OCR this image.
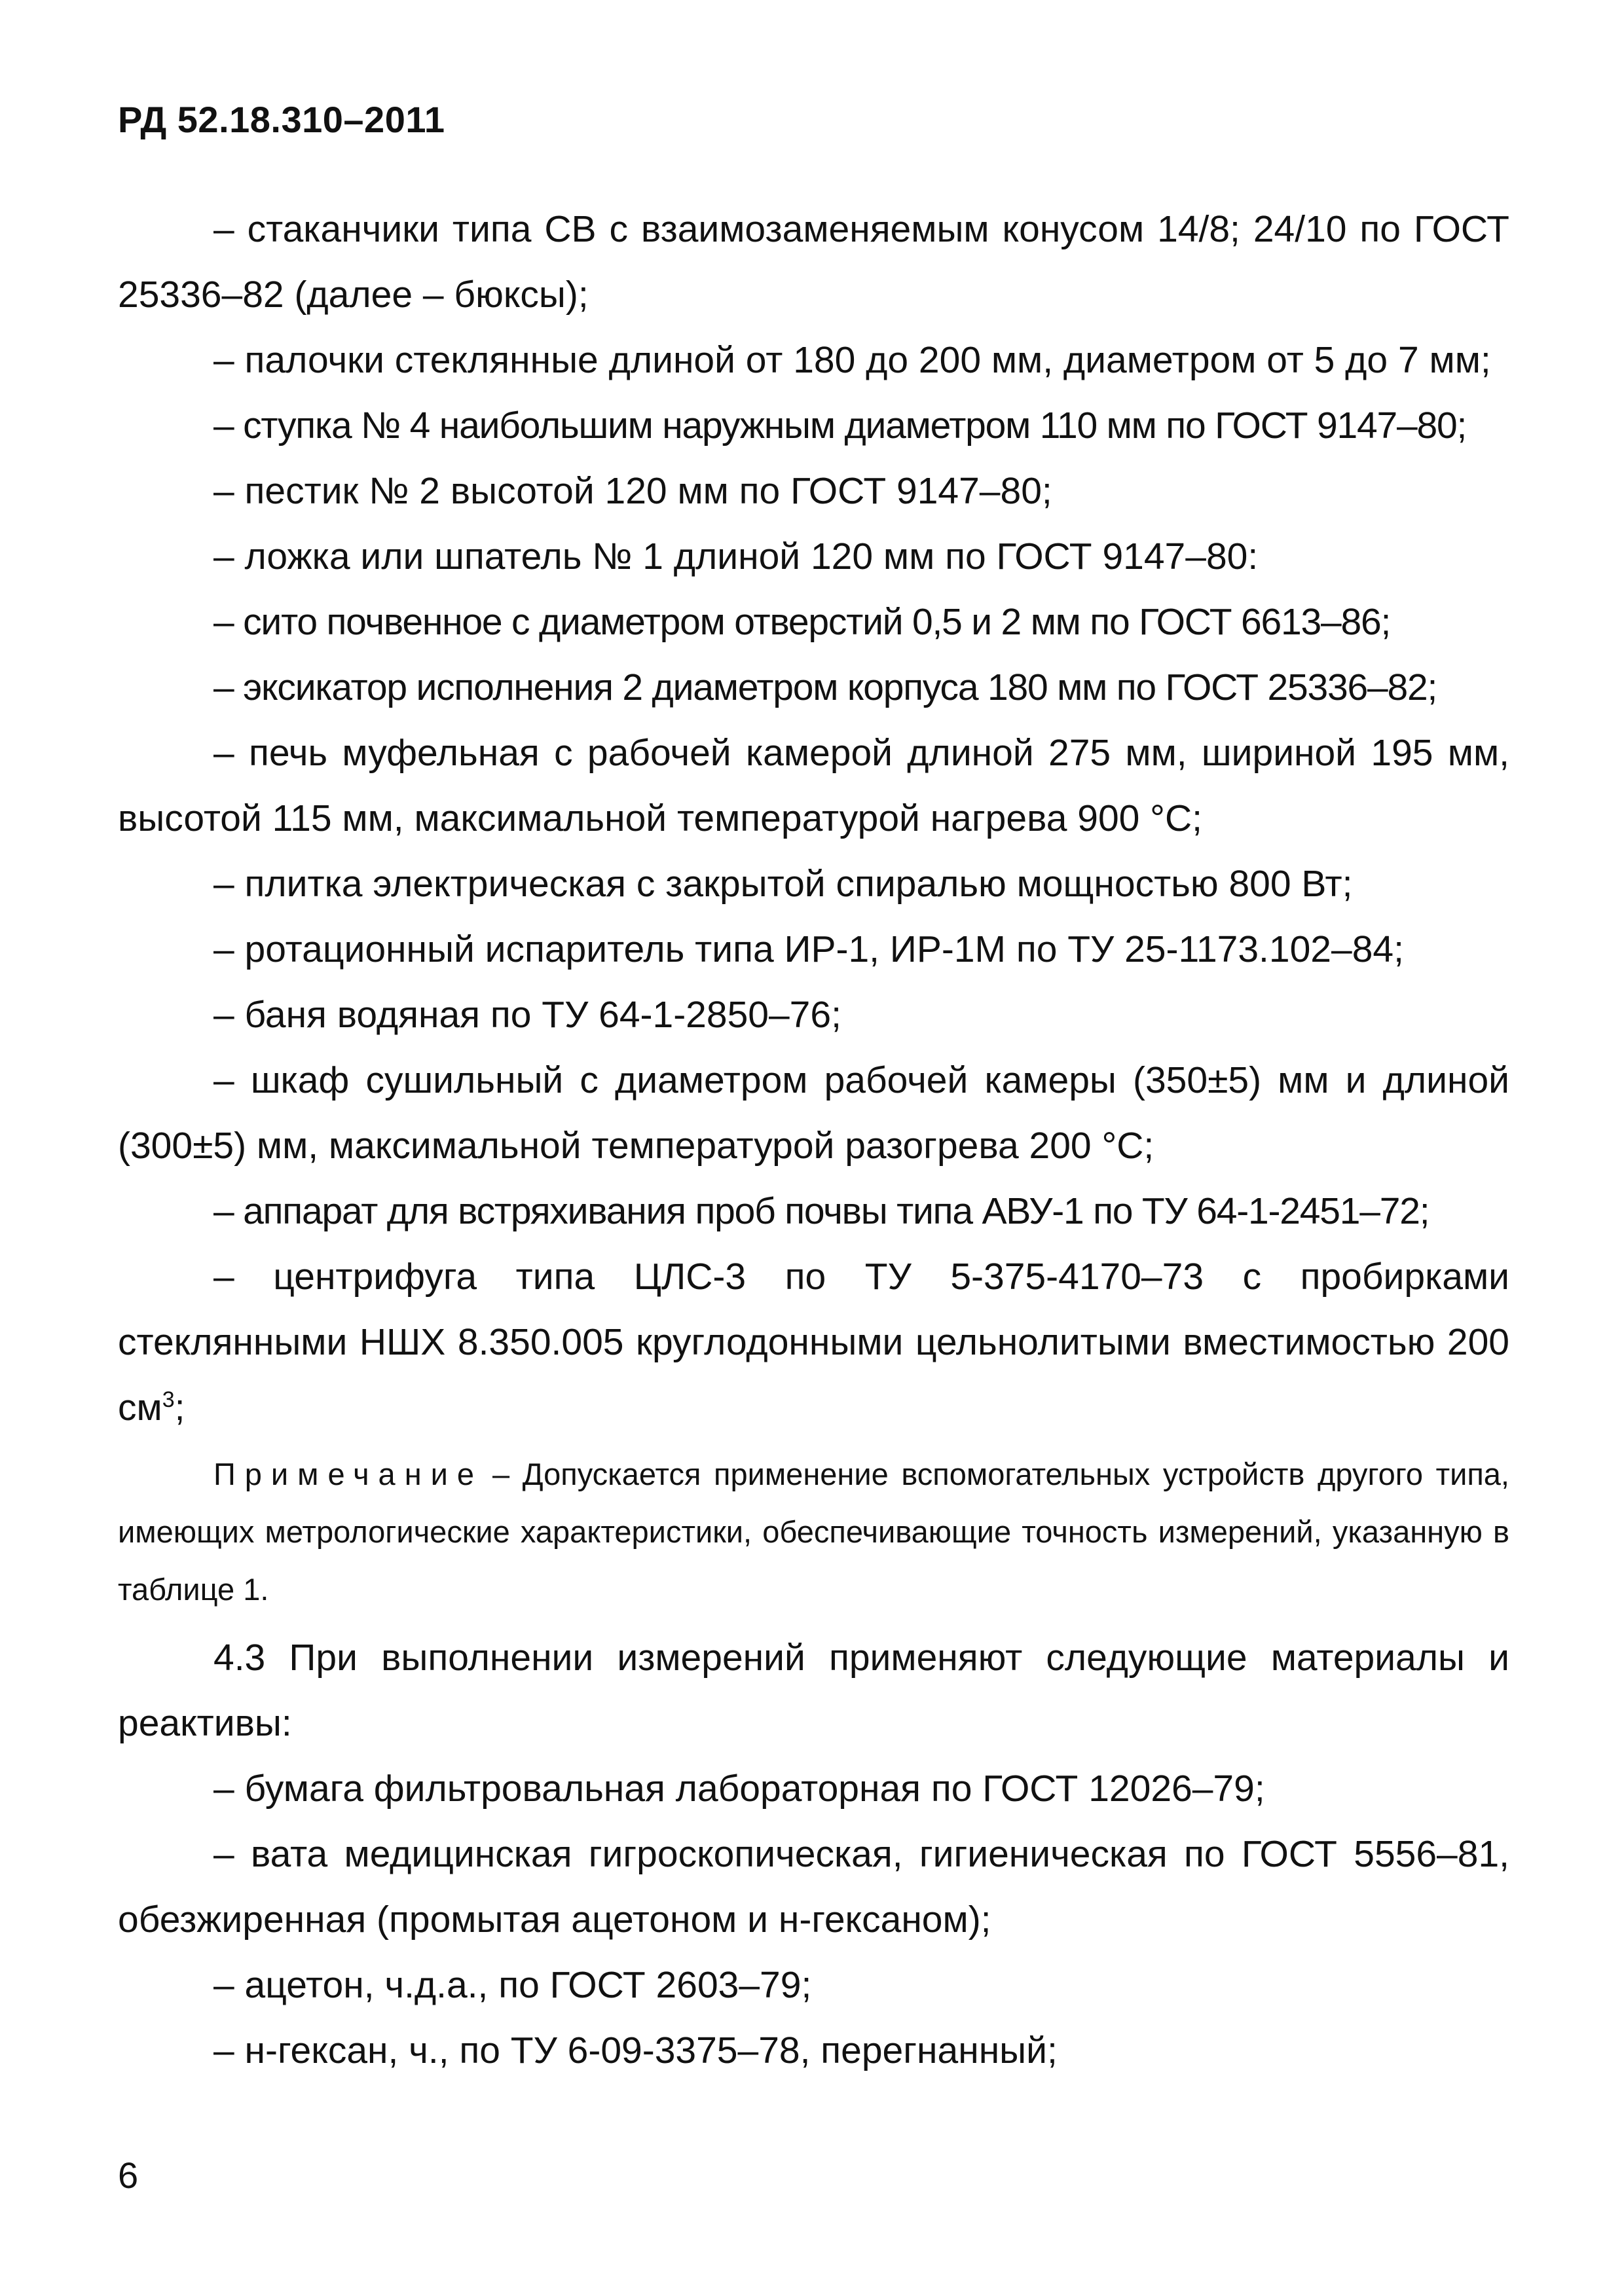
РД 52.18.310–2011

– стаканчики типа СВ с взаимозаменяемым конусом 14/8; 24/10 по ГОСТ 25336–82 (далее – бюксы);

– палочки стеклянные длиной от 180 до 200 мм, диаметром от 5 до 7 мм;

– ступка № 4 наибольшим наружным диаметром 110 мм по ГОСТ 9147–80;

– пестик № 2 высотой 120 мм по ГОСТ 9147–80;

– ложка или шпатель № 1 длиной 120 мм по ГОСТ 9147–80:

– сито почвенное с диаметром отверстий 0,5 и 2 мм по ГОСТ 6613–86;

– эксикатор исполнения 2 диаметром корпуса 180 мм по ГОСТ 25336–82;

– печь муфельная с рабочей камерой длиной 275 мм, шириной 195 мм, высотой 115 мм, максимальной температурой нагрева 900 °С;

– плитка электрическая с закрытой спиралью мощностью 800 Вт;

– ротационный испаритель типа ИР-1, ИР-1М по ТУ 25-1173.102–84;

– баня водяная по ТУ 64-1-2850–76;

– шкаф сушильный с диаметром рабочей камеры (350±5) мм и длиной (300±5) мм, максимальной температурой разогрева 200 °С;

– аппарат для встряхивания проб почвы типа АВУ-1 по ТУ 64-1-2451–72;

– центрифуга типа ЦЛС-3 по ТУ 5-375-4170–73 с пробирками стеклянными НШХ 8.350.005 круглодонными цельнолитыми вместимостью 200 $см^3$;

Примечание – Допускается применение вспомогательных устройств другого типа, имеющих метрологические характеристики, обеспечивающие точность измерений, указанную в таблице 1.

4.3 При выполнении измерений применяют следующие материалы и реактивы:

– бумага фильтровальная лабораторная по ГОСТ 12026–79;

– вата медицинская гигроскопическая, гигиеническая по ГОСТ 5556–81, обезжиренная (промытая ацетоном и н-гексаном);

– ацетон, ч.д.а., по ГОСТ 2603–79;

– н-гексан, ч., по ТУ 6-09-3375–78, перегнанный;

6
